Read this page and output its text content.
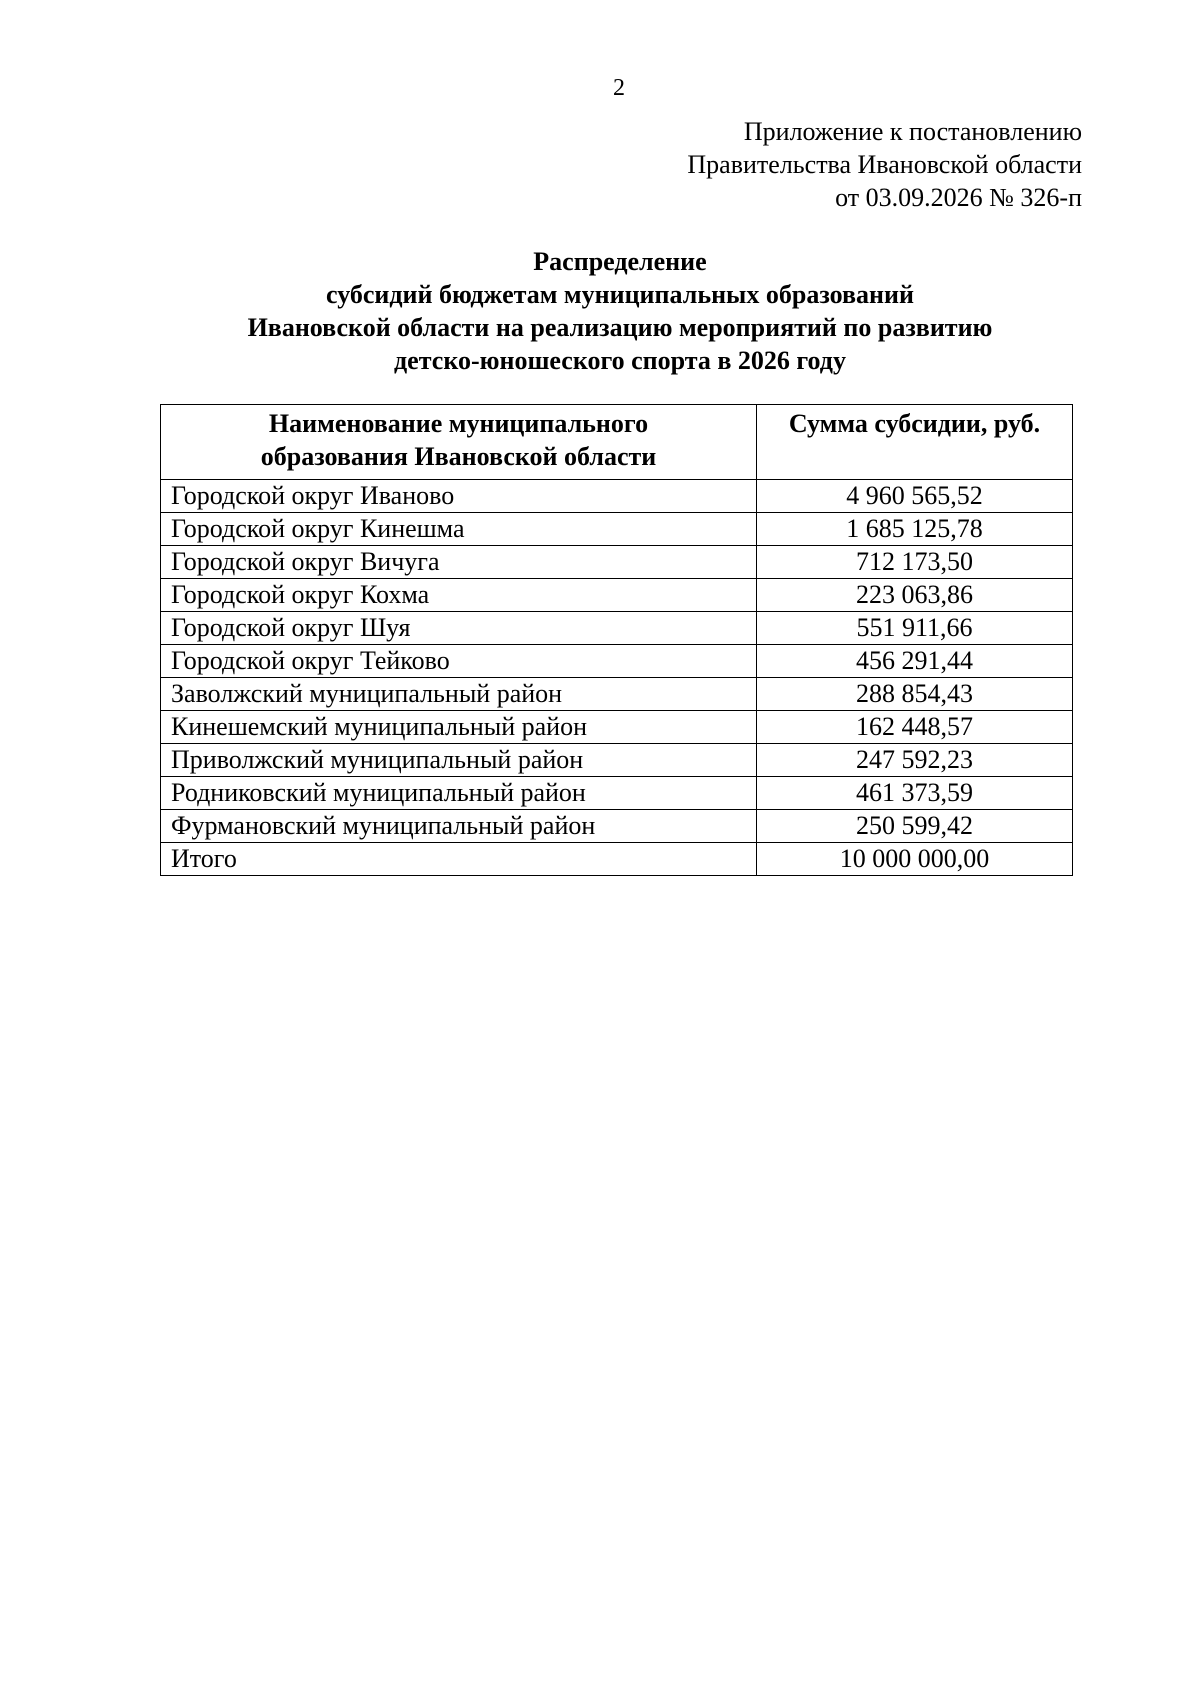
2
Приложение к постановлению
Правительства Ивановской области
от 03.09.2026 № 326-п
Распределение
субсидий бюджетам муниципальных образований
Ивановской области на реализацию мероприятий по развитию
детско-юношеского спорта в 2026 году
Наименование муниципального
образования Ивановской области	Сумма субсидии, руб.
Городской округ Иваново	4 960 565,52
Городской округ Кинешма	1 685 125,78
Городской округ Вичуга	712 173,50
Городской округ Кохма	223 063,86
Городской округ Шуя	551 911,66
Городской округ Тейково	456 291,44
Заволжский муниципальный район	288 854,43
Кинешемский муниципальный район	162 448,57
Приволжский муниципальный район	247 592,23
Родниковский муниципальный район	461 373,59
Фурмановский муниципальный район	250 599,42
Итого	10 000 000,00
